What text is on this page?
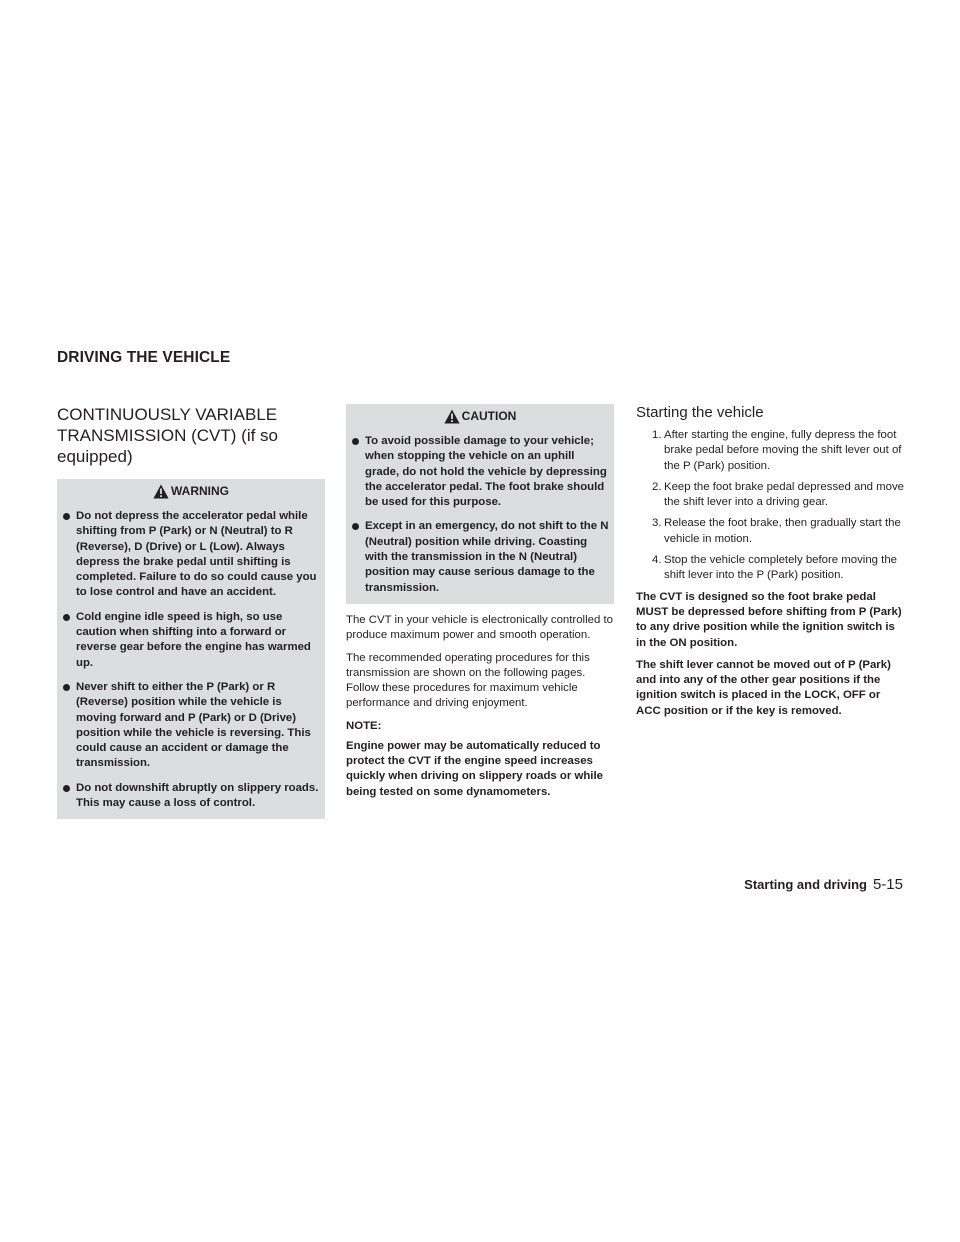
DRIVING THE VEHICLE
CONTINUOUSLY VARIABLE TRANSMISSION (CVT) (if so equipped)
WARNING
Do not depress the accelerator pedal while shifting from P (Park) or N (Neutral) to R (Reverse), D (Drive) or L (Low). Always depress the brake pedal until shifting is completed. Failure to do so could cause you to lose control and have an accident.
Cold engine idle speed is high, so use caution when shifting into a forward or reverse gear before the engine has warmed up.
Never shift to either the P (Park) or R (Reverse) position while the vehicle is moving forward and P (Park) or D (Drive) position while the vehicle is reversing. This could cause an accident or damage the transmission.
Do not downshift abruptly on slippery roads. This may cause a loss of control.
CAUTION
To avoid possible damage to your vehicle; when stopping the vehicle on an uphill grade, do not hold the vehicle by depressing the accelerator pedal. The foot brake should be used for this purpose.
Except in an emergency, do not shift to the N (Neutral) position while driving. Coasting with the transmission in the N (Neutral) position may cause serious damage to the transmission.

The CVT in your vehicle is electronically controlled to produce maximum power and smooth operation.

The recommended operating procedures for this transmission are shown on the following pages. Follow these procedures for maximum vehicle performance and driving enjoyment.

NOTE:

Engine power may be automatically reduced to protect the CVT if the engine speed increases quickly when driving on slippery roads or while being tested on some dynamometers.

Starting the vehicle
1. After starting the engine, fully depress the foot brake pedal before moving the shift lever out of the P (Park) position.
2. Keep the foot brake pedal depressed and move the shift lever into a driving gear.
3. Release the foot brake, then gradually start the vehicle in motion.
4. Stop the vehicle completely before moving the shift lever into the P (Park) position.

The CVT is designed so the foot brake pedal MUST be depressed before shifting from P (Park) to any drive position while the ignition switch is in the ON position.

The shift lever cannot be moved out of P (Park) and into any of the other gear positions if the ignition switch is placed in the LOCK, OFF or ACC position or if the key is removed.

Starting and driving 5-15
